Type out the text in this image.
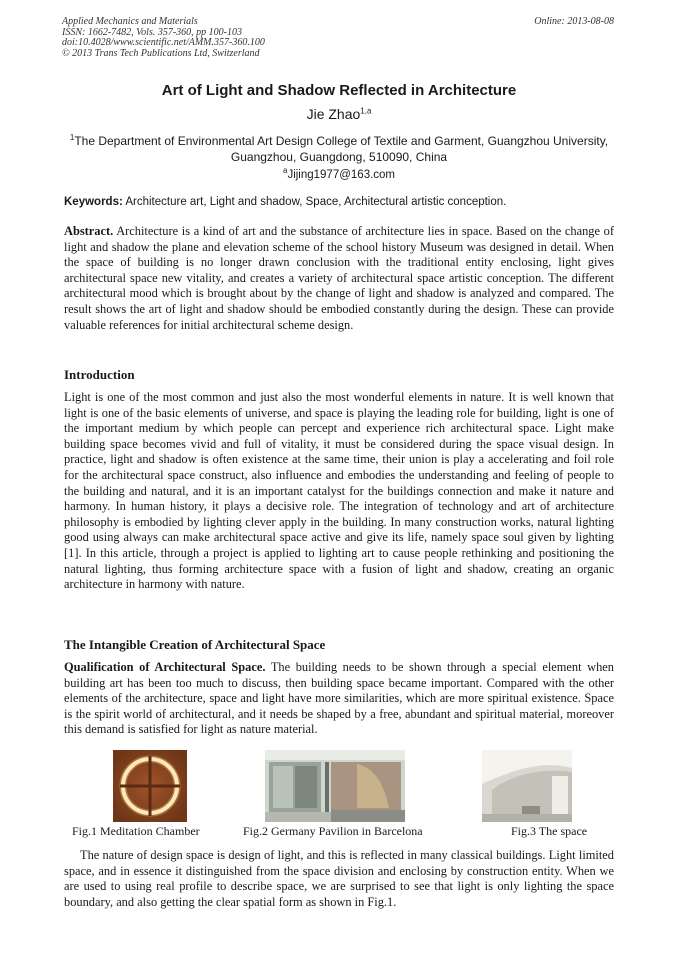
Applied Mechanics and Materials
ISSN: 1662-7482, Vols. 357-360, pp 100-103
doi:10.4028/www.scientific.net/AMM.357-360.100
© 2013 Trans Tech Publications Ltd, Switzerland
Online: 2013-08-08
Art of Light and Shadow Reflected in Architecture
Jie Zhao$^{1,a}$
$^1$The Department of Environmental Art Design College of Textile and Garment, Guangzhou University, Guangzhou, Guangdong, 510090, China
$^a$Jijing1977@163.com
Keywords: Architecture art, Light and shadow, Space, Architectural artistic conception.

Abstract. Architecture is a kind of art and the substance of architecture lies in space. Based on the change of light and shadow the plane and elevation scheme of the school history Museum was designed in detail. When the space of building is no longer drawn conclusion with the traditional entity enclosing, light gives architectural space new vitality, and creates a variety of architectural space artistic conception. The different architectural mood which is brought about by the change of light and shadow is analyzed and compared. The result shows the art of light and shadow should be embodied constantly during the design. These can provide valuable references for initial architectural scheme design.

Introduction

Light is one of the most common and just also the most wonderful elements in nature. It is well known that light is one of the basic elements of universe, and space is playing the leading role for building, light is one of the important medium by which people can percept and experience rich architectural space. Light make building space becomes vivid and full of vitality, it must be considered during the space visual design. In practice, light and shadow is often existence at the same time, their union is play a accelerating and foil role for the architectural space construct, also influence and embodies the understanding and feeling of people to the building and natural, and it is an important catalyst for the buildings connection and make it nature and harmony. In human history, it plays a decisive role. The integration of technology and art of architecture philosophy is embodied by lighting clever apply in the building. In many construction works, natural lighting good using always can make architectural space active and give its life, namely space soul given by lighting [1]. In this article, through a project is applied to lighting art to cause people rethinking and positioning the natural lighting, thus forming architecture space with a fusion of light and shadow, creating an organic architecture in harmony with nature.

The Intangible Creation of Architectural Space

Qualification of Architectural Space. The building needs to be shown through a special element when building art has been too much to discuss, then building space became important. Compared with the other elements of the architecture, space and light have more similarities, which are more spiritual existence. Space is the spirit world of architectural, and it needs be shaped by a free, abundant and spiritual material, moreover this demand is satisfied for light as nature material.

Fig.1 Meditation Chamber	Fig.2 Germany Pavilion in Barcelona	Fig.3 The space

The nature of design space is design of light, and this is reflected in many classical buildings. Light limited space, and in essence it distinguished from the space division and enclosing by construction entity. When we are used to using real profile to describe space, we are surprised to see that light is only lighting the space boundary, and also getting the clear spatial form as shown in Fig.1.
